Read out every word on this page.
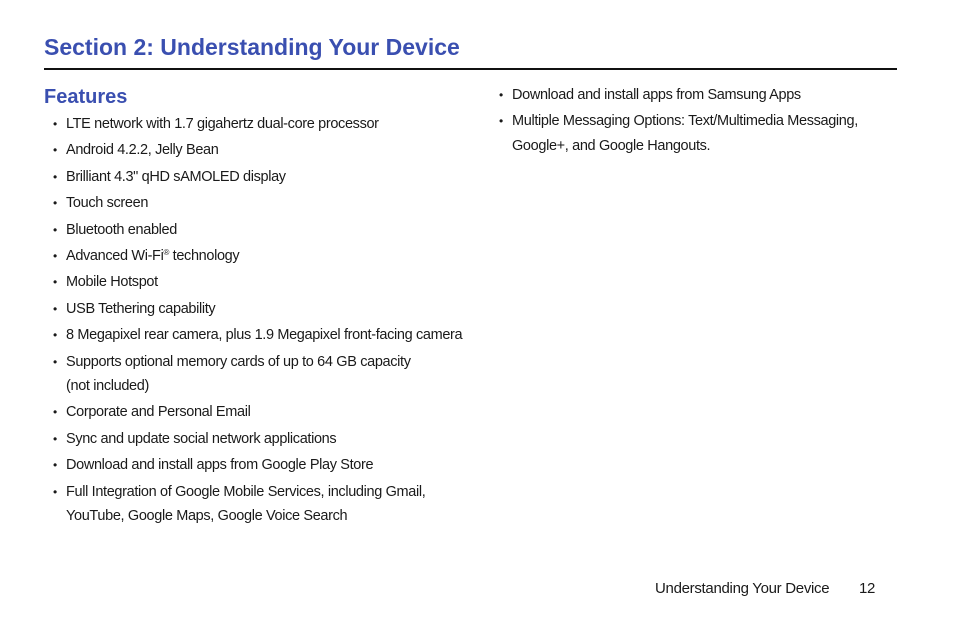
Section 2: Understanding Your Device
Features
• LTE network with 1.7 gigahertz dual-core processor
• Android 4.2.2, Jelly Bean
• Brilliant 4.3" qHD sAMOLED display
• Touch screen
• Bluetooth enabled
• Advanced Wi-Fi® technology
• Mobile Hotspot
• USB Tethering capability
• 8 Megapixel rear camera, plus 1.9 Megapixel front-facing camera
• Supports optional memory cards of up to 64 GB capacity
(not included)
• Corporate and Personal Email
• Sync and update social network applications
• Download and install apps from Google Play Store
• Full Integration of Google Mobile Services, including Gmail,
YouTube, Google Maps, Google Voice Search
• Download and install apps from Samsung Apps
• Multiple Messaging Options: Text/Multimedia Messaging,
Google+, and Google Hangouts.
Understanding Your Device 12
